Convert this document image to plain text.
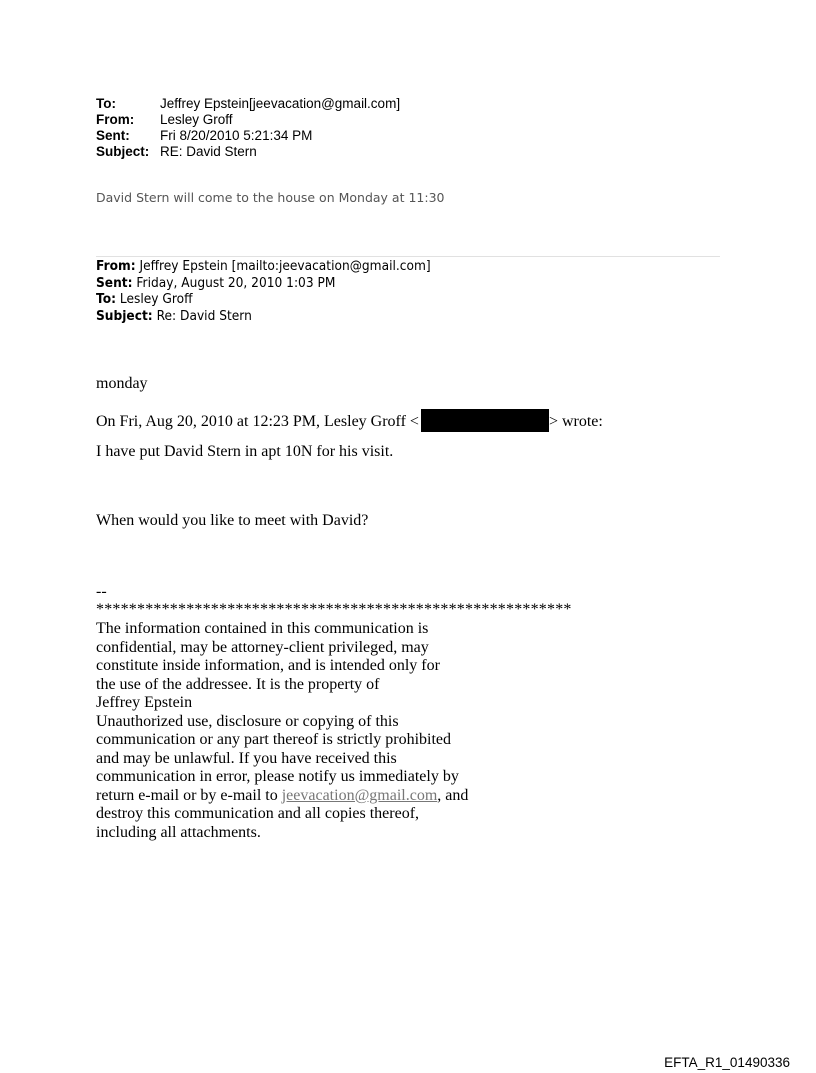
To:	Jeffrey Epstein[jeevacation@gmail.com]
From:	Lesley Groff
Sent:	Fri 8/20/2010 5:21:34 PM
Subject: RE: David Stern
David Stern will come to the house on Monday at 11:30
From: Jeffrey Epstein [mailto:jeevacation@gmail.com]
Sent: Friday, August 20, 2010 1:03 PM
To: Lesley Groff
Subject: Re: David Stern
monday
On Fri, Aug 20, 2010 at 12:23 PM, Lesley Groff <	> wrote:
I have put David Stern in apt 10N for his visit.
When would you like to meet with David?
--
**********************************************************
The information contained in this communication is
confidential, may be attorney-client privileged, may
constitute inside information, and is intended only for
the use of the addressee. It is the property of
Jeffrey Epstein
Unauthorized use, disclosure or copying of this
communication or any part thereof is strictly prohibited
and may be unlawful. If you have received this
communication in error, please notify us immediately by
return e-mail or by e-mail to jeevacation@gmail.com, and
destroy this communication and all copies thereof,
including all attachments.
EFTA_R1_01490336
